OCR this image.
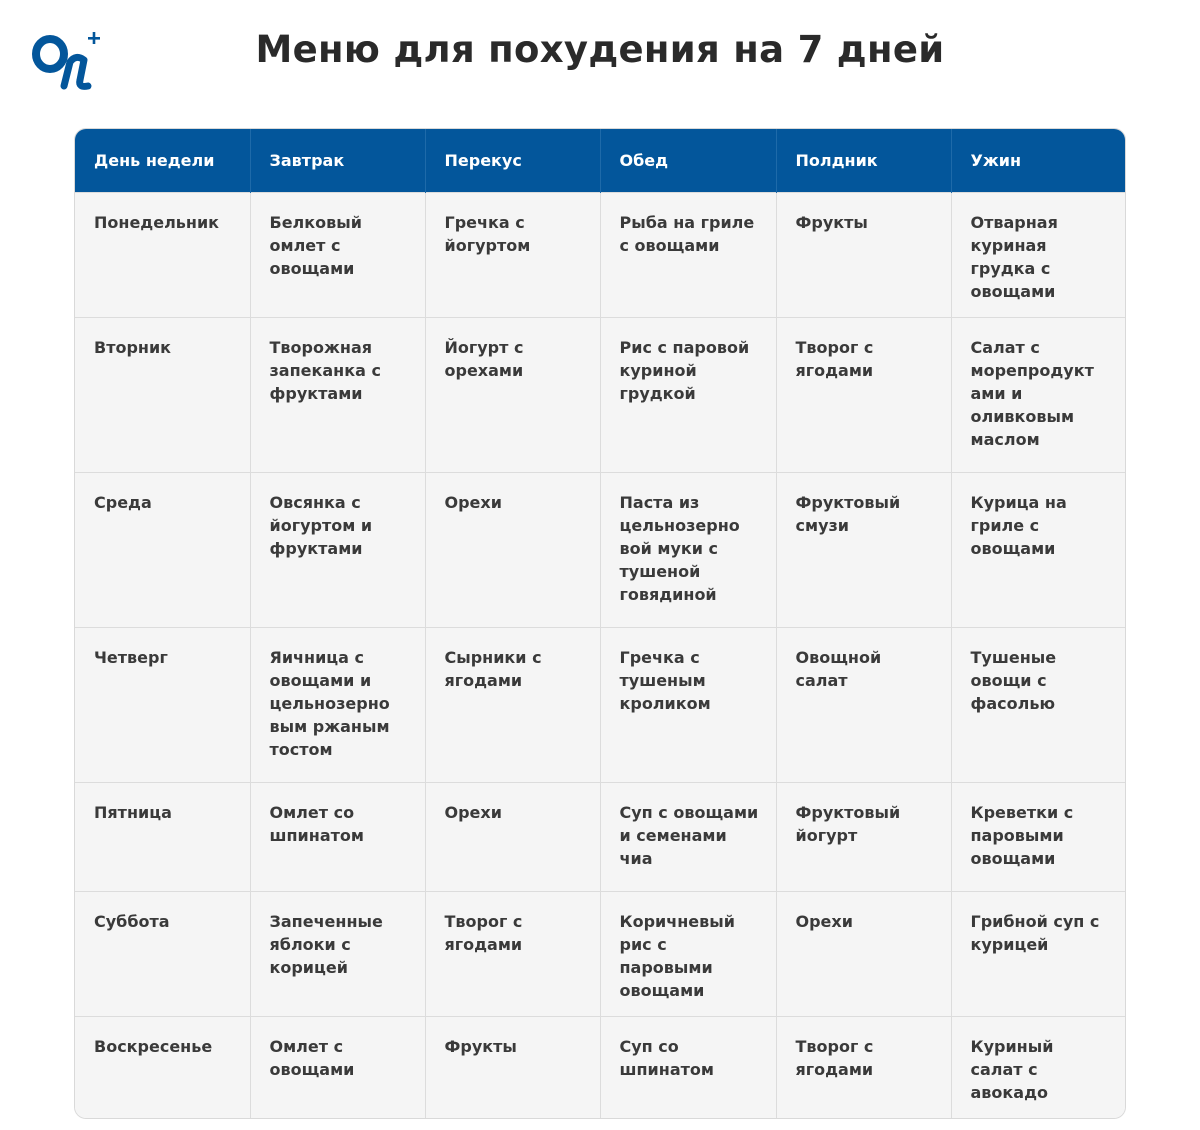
Меню для похудения на 7 дней
День недели	Завтрак	Перекус	Обед	Полдник	Ужин
Понедельник	Белковый омлет с овощами	Гречка с йогуртом	Рыба на гриле с овощами	Фрукты	Отварная куриная грудка с овощами
Вторник	Творожная запеканка с фруктами	Йогурт с орехами	Рис с паровой куриной грудкой	Творог с ягодами	Салат с морепродукт ами и оливковым маслом
Среда	Овсянка с йогуртом и фруктами	Орехи	Паста из цельнозерно вой муки с тушеной говядиной	Фруктовый смузи	Курица на гриле с овощами
Четверг	Яичница с овощами и цельнозерно вым ржаным тостом	Сырники с ягодами	Гречка с тушеным кроликом	Овощной салат	Тушеные овощи с фасолью
Пятница	Омлет со шпинатом	Орехи	Суп с овощами и семенами чиа	Фруктовый йогурт	Креветки с паровыми овощами
Суббота	Запеченные яблоки с корицей	Творог с ягодами	Коричневый рис с паровыми овощами	Орехи	Грибной суп с курицей
Воскресенье	Омлет с овощами	Фрукты	Суп со шпинатом	Творог с ягодами	Куриный салат с авокадо
